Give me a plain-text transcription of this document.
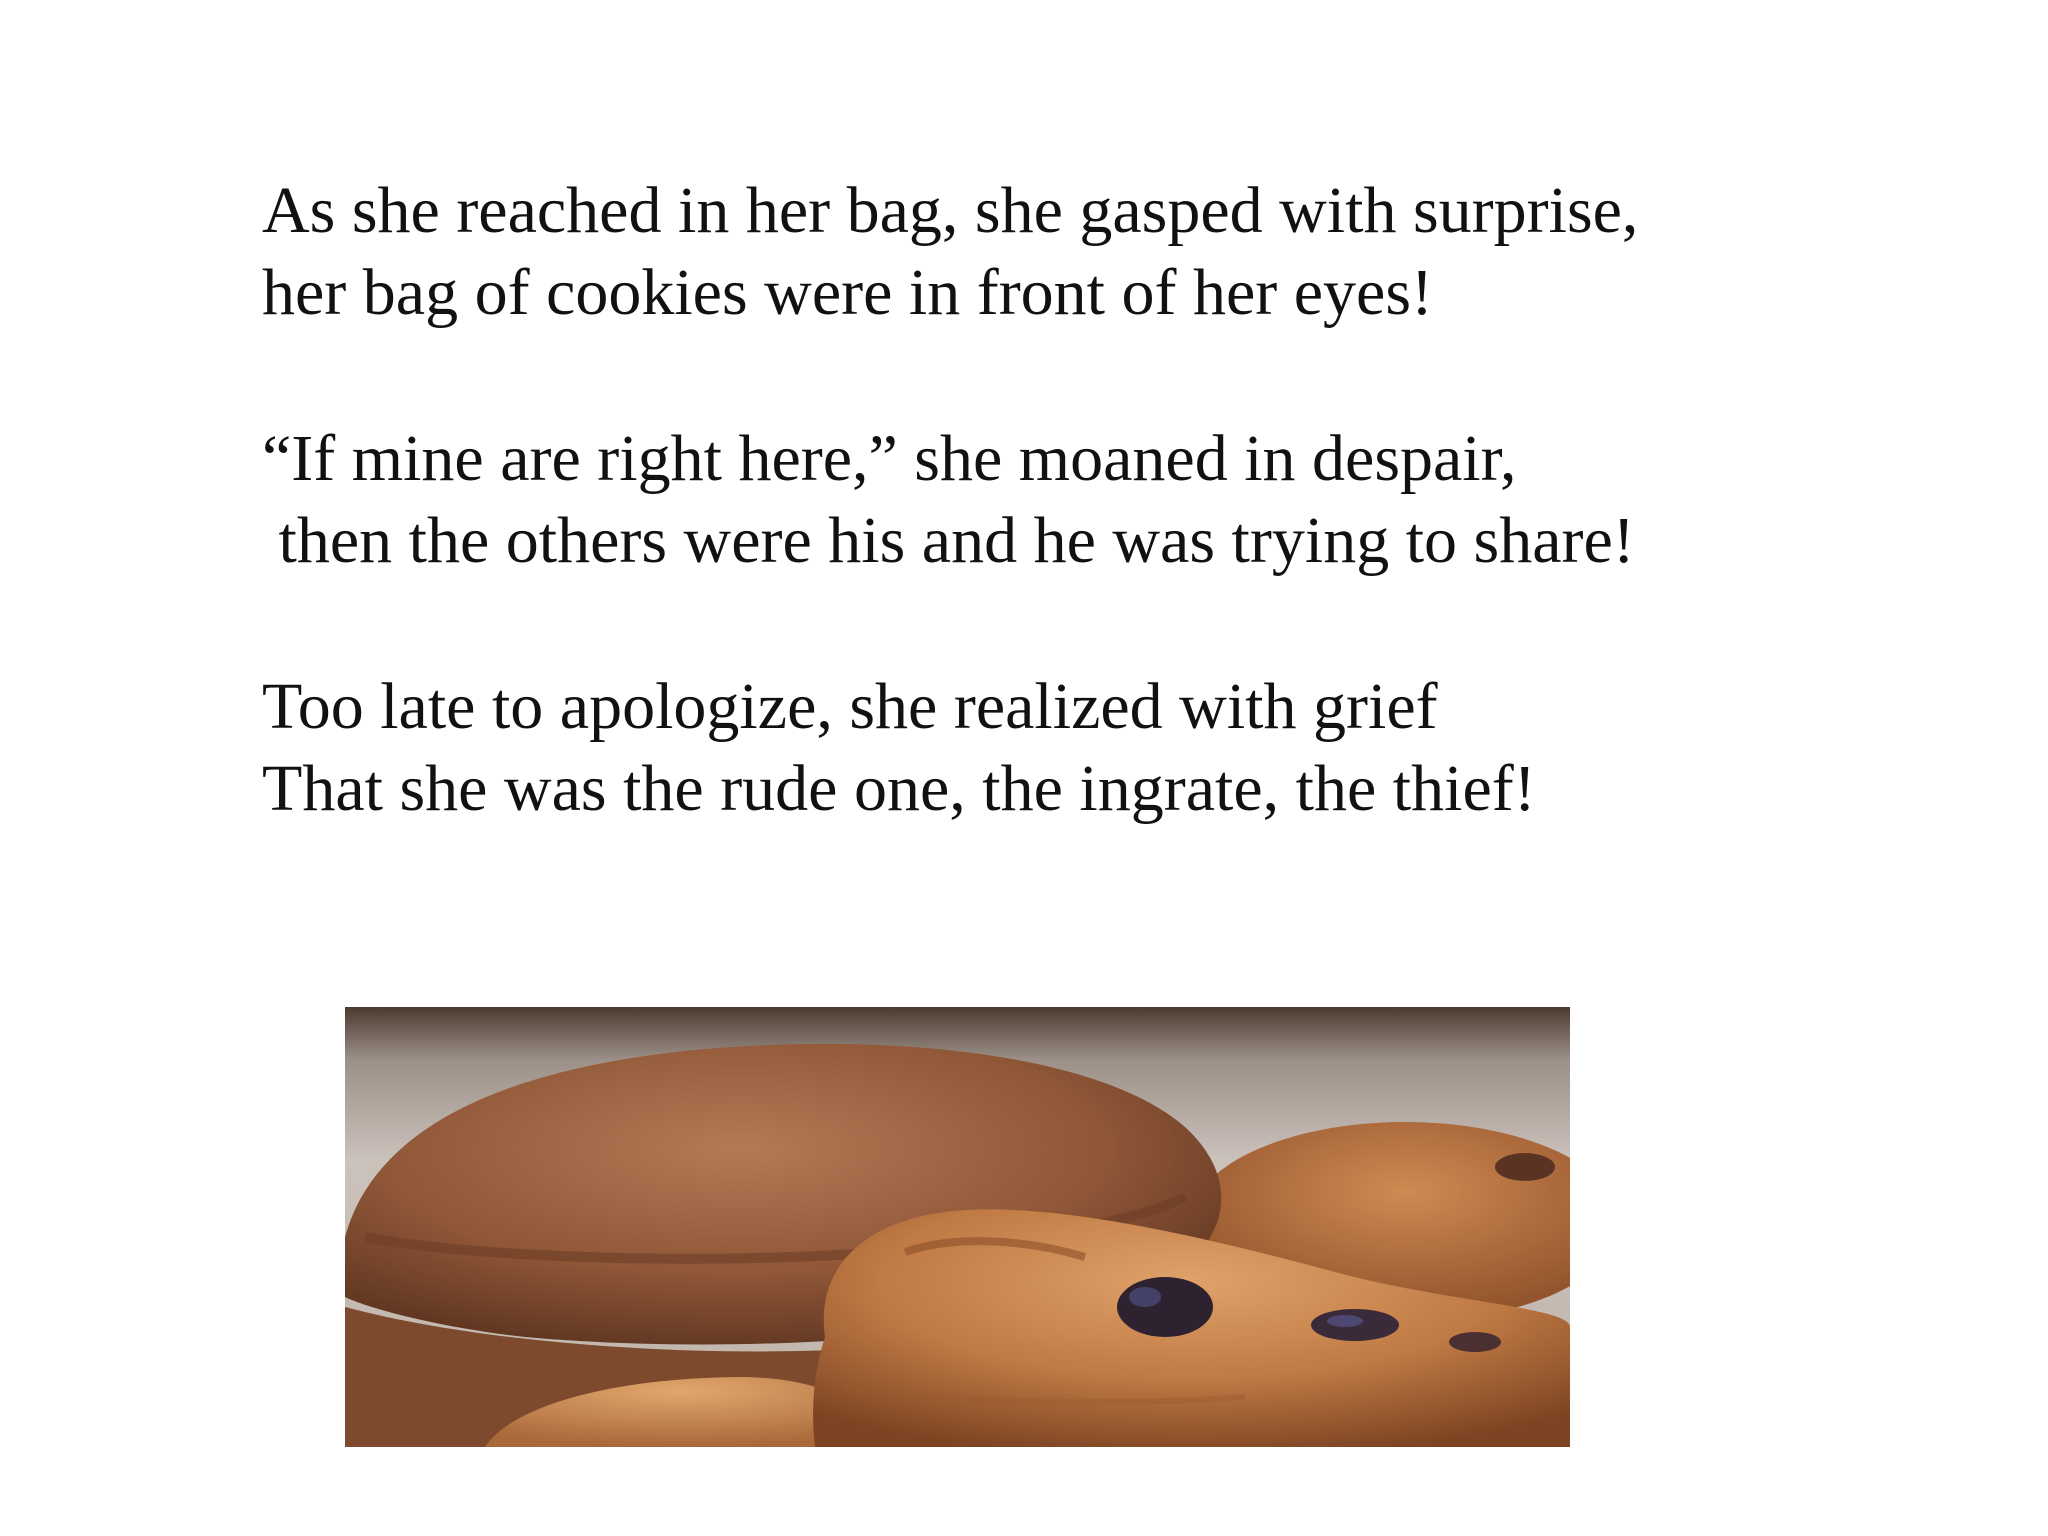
As she reached in her bag, she gasped with surprise,
her bag of cookies were in front of her eyes!
“If mine are right here,” she moaned in despair,
then the others were his and he was trying to share!
Too late to apologize, she realized with grief
That she was the rude one, the ingrate, the thief!
